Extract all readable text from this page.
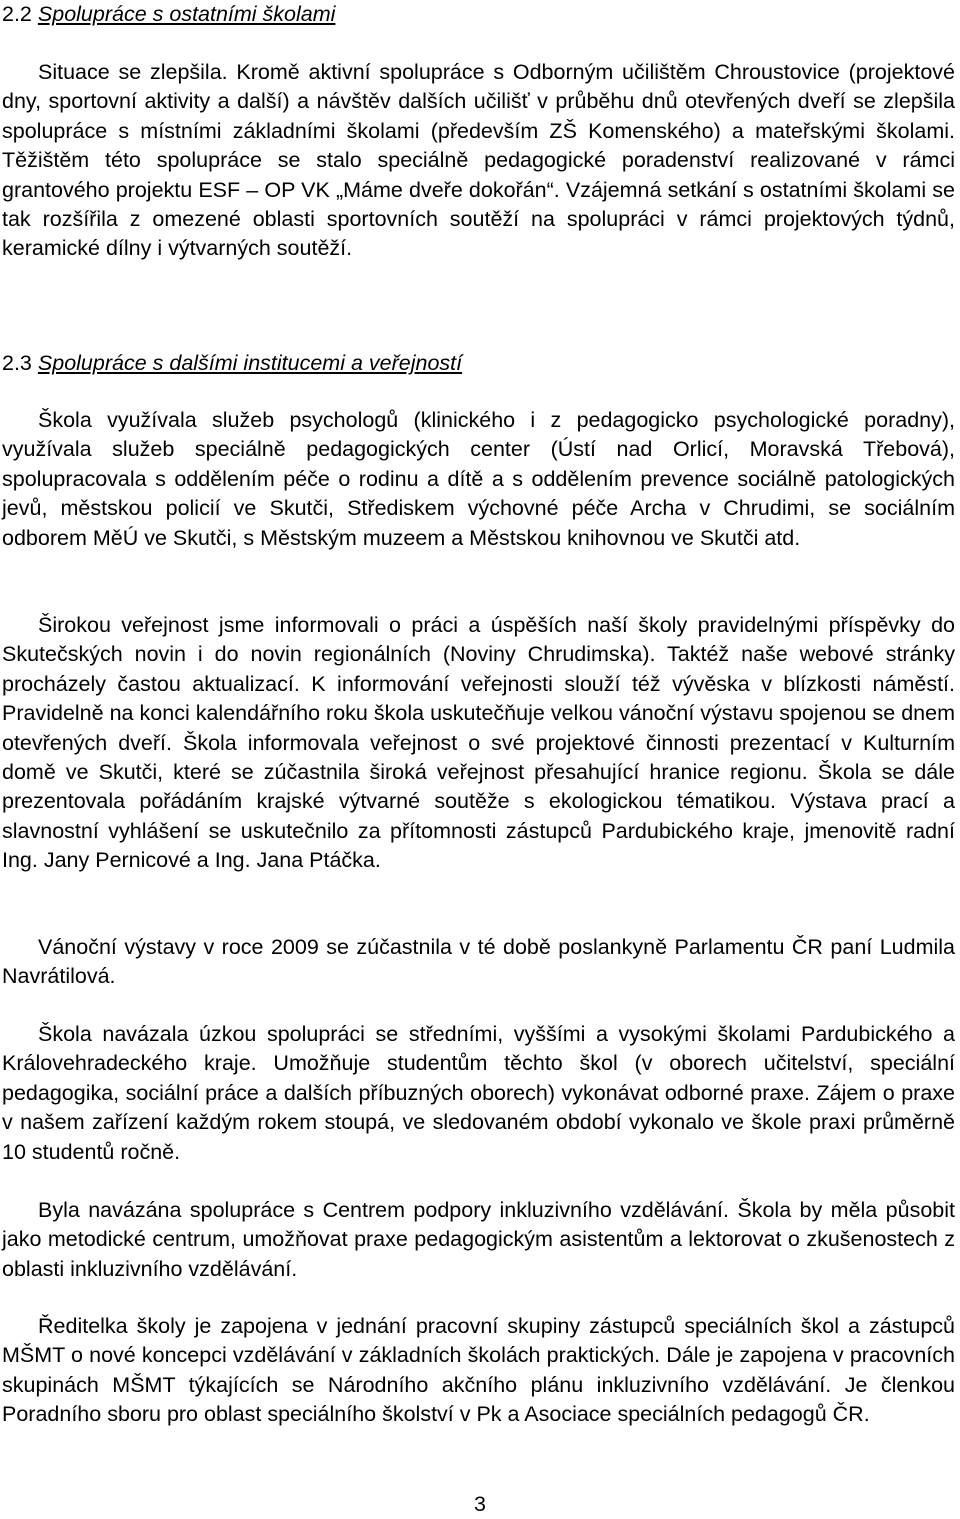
2.2 Spolupráce s ostatními školami

Situace se zlepšila. Kromě aktivní spolupráce s Odborným učilištěm Chroustovice (projektové dny, sportovní aktivity a další) a návštěv dalších učilišť v průběhu dnů otevřených dveří se zlepšila spolupráce s místními základními školami (především ZŠ Komenského) a mateřskými školami. Těžištěm této spolupráce se stalo speciálně pedagogické poradenství realizované v rámci grantového projektu ESF – OP VK „Máme dveře dokořán“. Vzájemná setkání s ostatními školami se tak rozšířila z omezené oblasti sportovních soutěží na spolupráci v rámci projektových týdnů, keramické dílny i výtvarných soutěží.

2.3 Spolupráce s dalšími institucemi a veřejností

Škola využívala služeb psychologů (klinického i z pedagogicko psychologické poradny), využívala služeb speciálně pedagogických center (Ústí nad Orlicí, Moravská Třebová), spolupracovala s oddělením péče o rodinu a dítě a s oddělením prevence sociálně patologických jevů, městskou policií ve Skutči, Střediskem výchovné péče Archa v Chrudimi, se sociálním odborem MěÚ ve Skutči, s Městským muzeem a Městskou knihovnou ve Skutči atd.

Širokou veřejnost jsme informovali o práci a úspěších naší školy pravidelnými příspěvky do Skutečských novin i do novin regionálních (Noviny Chrudimska). Taktéž naše webové stránky procházely častou aktualizací. K informování veřejnosti slouží též vývěska v blízkosti náměstí. Pravidelně na konci kalendářního roku škola uskutečňuje velkou vánoční výstavu spojenou se dnem otevřených dveří. Škola informovala veřejnost o své projektové činnosti prezentací v Kulturním domě ve Skutči, které se zúčastnila široká veřejnost přesahující hranice regionu. Škola se dále prezentovala pořádáním krajské výtvarné soutěže s ekologickou tématikou. Výstava prací a slavnostní vyhlášení se uskutečnilo za přítomnosti zástupců Pardubického kraje, jmenovitě radní Ing. Jany Pernicové a Ing. Jana Ptáčka.

Vánoční výstavy v roce 2009 se zúčastnila v té době poslankyně Parlamentu ČR paní Ludmila Navrátilová.

Škola navázala úzkou spolupráci se středními, vyššími a vysokými školami Pardubického a Královehradeckého kraje. Umožňuje studentům těchto škol (v oborech učitelství, speciální pedagogika, sociální práce a dalších příbuzných oborech) vykonávat odborné praxe. Zájem o praxe v našem zařízení každým rokem stoupá, ve sledovaném období vykonalo ve škole praxi průměrně 10 studentů ročně.

Byla navázána spolupráce s Centrem podpory inkluzivního vzdělávání. Škola by měla působit jako metodické centrum, umožňovat praxe pedagogickým asistentům a lektorovat o zkušenostech z oblasti inkluzivního vzdělávání.

Ředitelka školy je zapojena v jednání pracovní skupiny zástupců speciálních škol a zástupců MŠMT o nové koncepci vzdělávání v základních školách praktických. Dále je zapojena v pracovních skupinách MŠMT týkajících se Národního akčního plánu inkluzivního vzdělávání. Je členkou Poradního sboru pro oblast speciálního školství v Pk a Asociace speciálních pedagogů ČR.

3
